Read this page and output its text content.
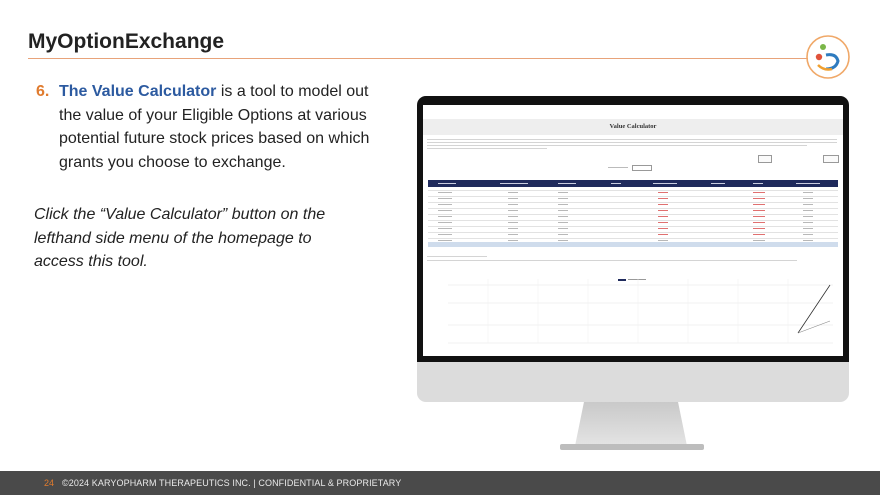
MyOptionExchange
6. The Value Calculator is a tool to model out the value of your Eligible Options at various potential future stock prices based on which grants you choose to exchange.
Click the “Value Calculator” button on the lefthand side menu of the homepage to access this tool.
Value Calculator
24 ©2024 KARYOPHARM THERAPEUTICS INC. | CONFIDENTIAL & PROPRIETARY
